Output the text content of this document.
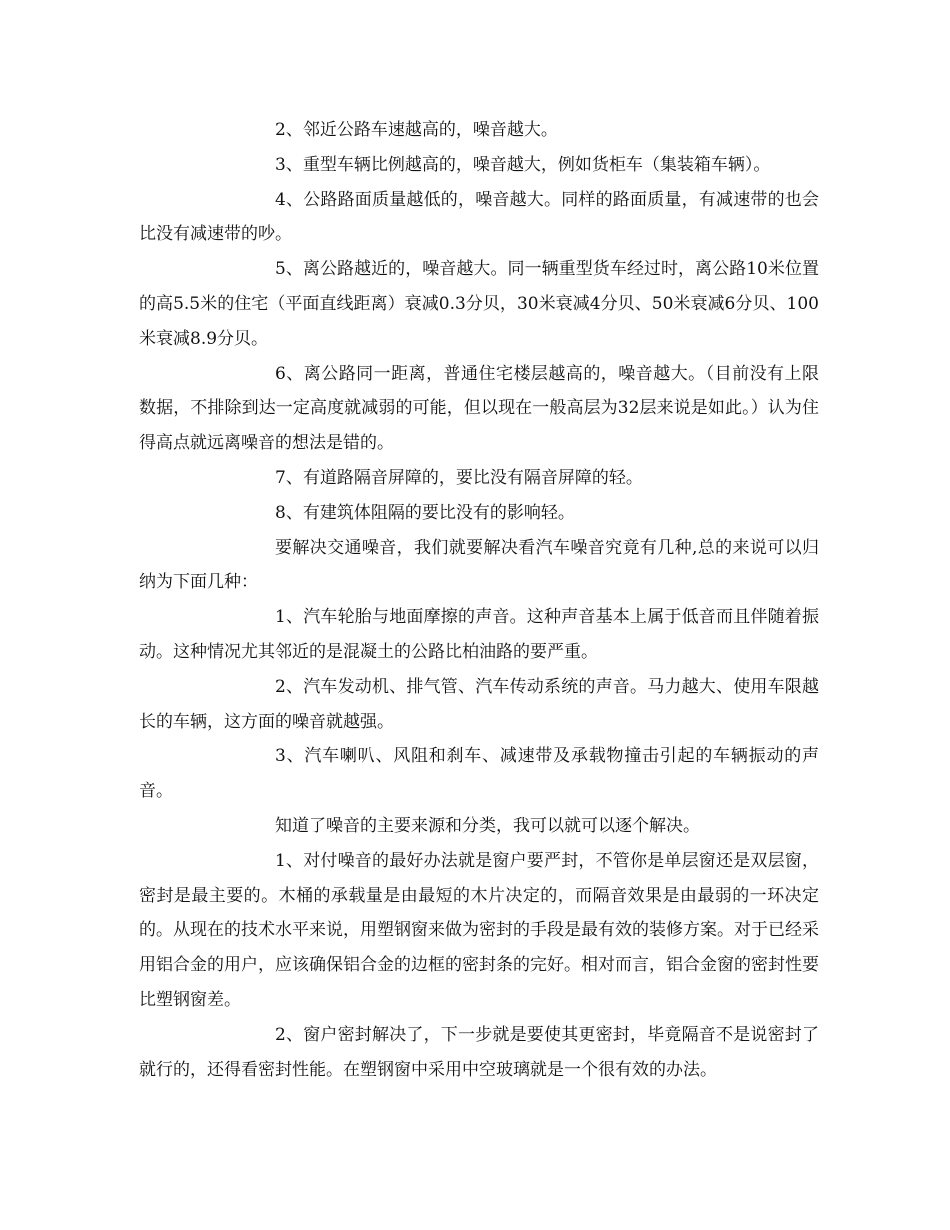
2、邻近公路车速越高的，噪音越大。

3、重型车辆比例越高的，噪音越大，例如货柜车（集装箱车辆）。

4、公路路面质量越低的，噪音越大。同样的路面质量，有减速带的也会比没有减速带的吵。

5、离公路越近的，噪音越大。同一辆重型货车经过时，离公路10米位置的高5.5米的住宅（平面直线距离）衰减0.3分贝，30米衰减4分贝、50米衰减6分贝、100米衰减8.9分贝。

6、离公路同一距离，普通住宅楼层越高的，噪音越大。（目前没有上限数据，不排除到达一定高度就减弱的可能，但以现在一般高层为32层来说是如此。）认为住得高点就远离噪音的想法是错的。

7、有道路隔音屏障的，要比没有隔音屏障的轻。

8、有建筑体阻隔的要比没有的影响轻。

要解决交通噪音，我们就要解决看汽车噪音究竟有几种,总的来说可以归纳为下面几种：

1、汽车轮胎与地面摩擦的声音。这种声音基本上属于低音而且伴随着振动。这种情况尤其邻近的是混凝土的公路比柏油路的要严重。

2、汽车发动机、排气管、汽车传动系统的声音。马力越大、使用车限越长的车辆，这方面的噪音就越强。

3、汽车喇叭、风阻和刹车、减速带及承载物撞击引起的车辆振动的声音。

知道了噪音的主要来源和分类，我可以就可以逐个解决。

1、对付噪音的最好办法就是窗户要严封，不管你是单层窗还是双层窗，密封是最主要的。木桶的承载量是由最短的木片决定的，而隔音效果是由最弱的一环决定的。从现在的技术水平来说，用塑钢窗来做为密封的手段是最有效的装修方案。对于已经采用铝合金的用户，应该确保铝合金的边框的密封条的完好。相对而言，铝合金窗的密封性要比塑钢窗差。

2、窗户密封解决了，下一步就是要使其更密封，毕竟隔音不是说密封了就行的，还得看密封性能。在塑钢窗中采用中空玻璃就是一个很有效的办法。
